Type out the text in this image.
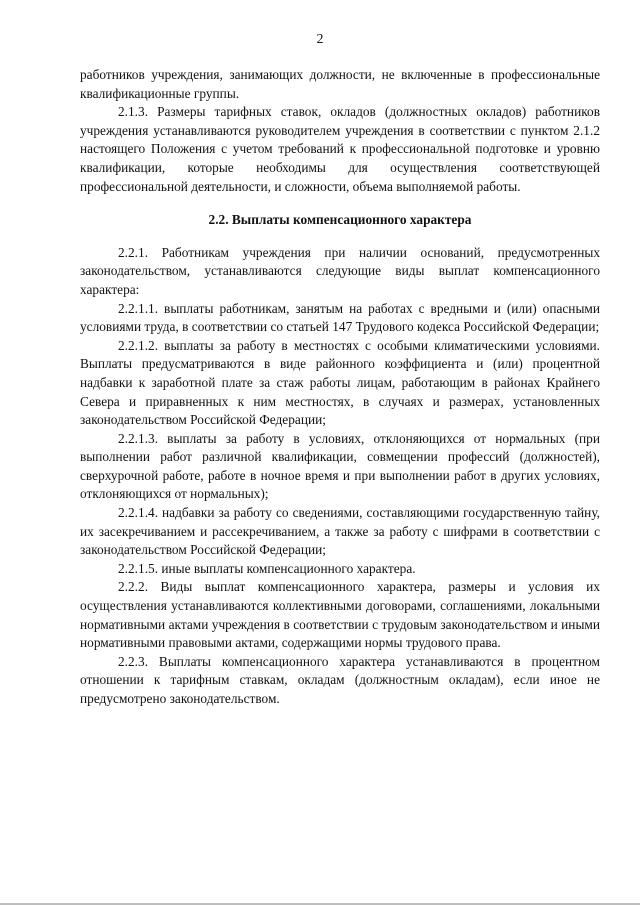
2

работников учреждения, занимающих должности, не включенные в профессиональные квалификационные группы.

2.1.3. Размеры тарифных ставок, окладов (должностных окладов) работников учреждения устанавливаются руководителем учреждения в соответствии с пунктом 2.1.2 настоящего Положения с учетом требований к профессиональной подготовке и уровню квалификации, которые необходимы для осуществления соответствующей профессиональной деятельности, и сложности, объема выполняемой работы.

2.2. Выплаты компенсационного характера

2.2.1. Работникам учреждения при наличии оснований, предусмотренных законодательством, устанавливаются следующие виды выплат компенсационного характера:

2.2.1.1. выплаты работникам, занятым на работах с вредными и (или) опасными условиями труда, в соответствии со статьей 147 Трудового кодекса Российской Федерации;

2.2.1.2. выплаты за работу в местностях с особыми климатическими условиями. Выплаты предусматриваются в виде районного коэффициента и (или) процентной надбавки к заработной плате за стаж работы лицам, работающим в районах Крайнего Севера и приравненных к ним местностях, в случаях и размерах, установленных законодательством Российской Федерации;

2.2.1.3. выплаты за работу в условиях, отклоняющихся от нормальных (при выполнении работ различной квалификации, совмещении профессий (должностей), сверхурочной работе, работе в ночное время и при выполнении работ в других условиях, отклоняющихся от нормальных);

2.2.1.4. надбавки за работу со сведениями, составляющими государственную тайну, их засекречиванием и рассекречиванием, а также за работу с шифрами в соответствии с законодательством Российской Федерации;

2.2.1.5. иные выплаты компенсационного характера.

2.2.2. Виды выплат компенсационного характера, размеры и условия их осуществления устанавливаются коллективными договорами, соглашениями, локальными нормативными актами учреждения в соответствии с трудовым законодательством и иными нормативными правовыми актами, содержащими нормы трудового права.

2.2.3. Выплаты компенсационного характера устанавливаются в процентном отношении к тарифным ставкам, окладам (должностным окладам), если иное не предусмотрено законодательством.
